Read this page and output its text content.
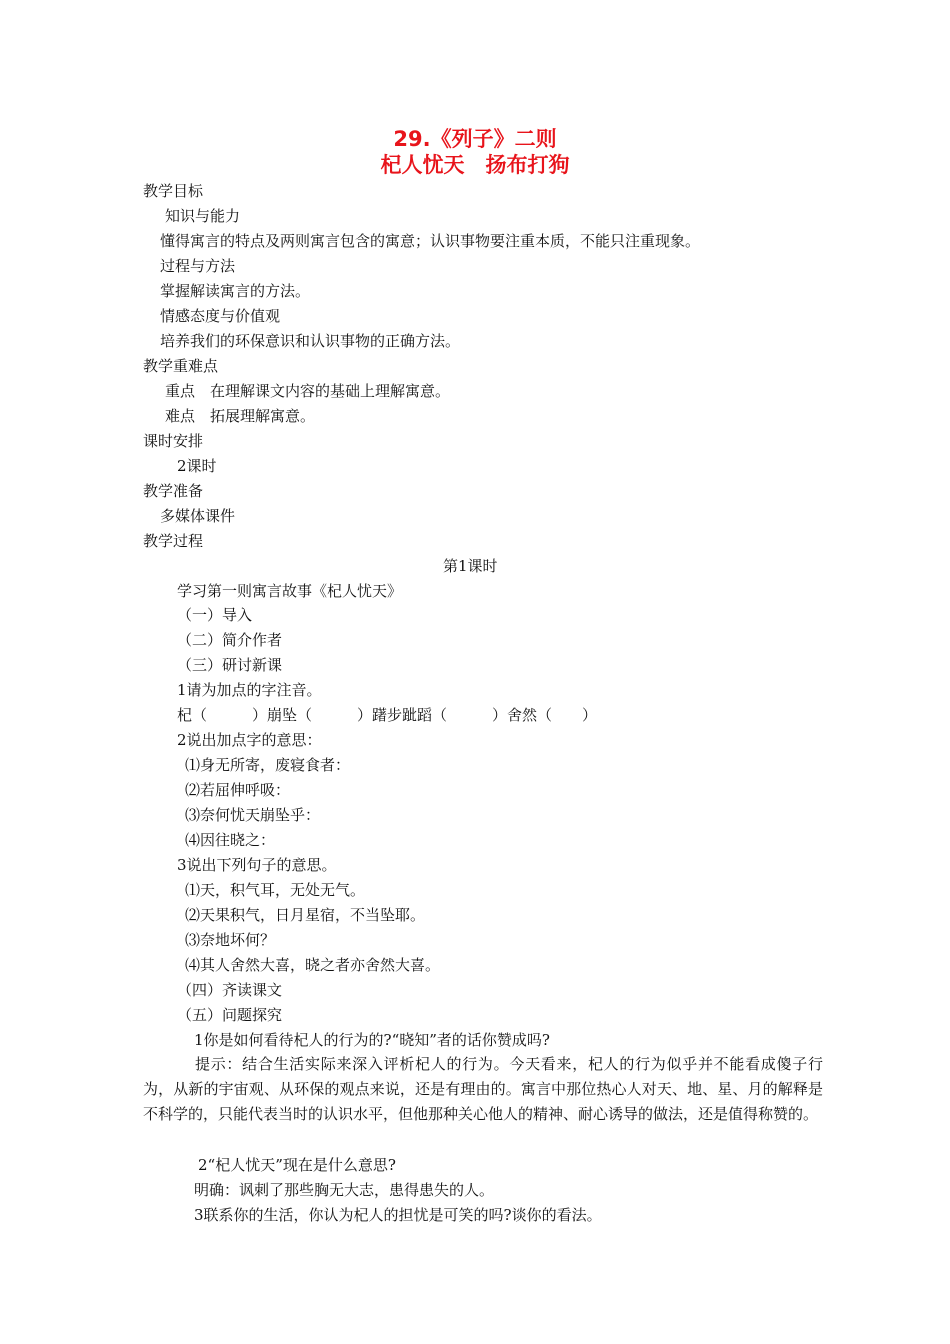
29.《列子》二则
杞人忧天　扬布打狗
教学目标
知识与能力
懂得寓言的特点及两则寓言包含的寓意；认识事物要注重本质，不能只注重现象。
过程与方法
掌握解读寓言的方法。
情感态度与价值观
培养我们的环保意识和认识事物的正确方法。
教学重难点
重点　在理解课文内容的基础上理解寓意。
难点　拓展理解寓意。
课时安排
2课时
教学准备
多媒体课件
教学过程
第1课时
学习第一则寓言故事《杞人忧天》
（一）导入
（二）简介作者
（三）研讨新课
1请为加点的字注音。
杞（　　　）崩坠（　　　）躇步跐蹈（　　　）舍然（　　）
2说出加点字的意思：
⑴身无所寄，废寝食者：
⑵若屈伸呼吸：
⑶奈何忧天崩坠乎：
⑷因往晓之：
3说出下列句子的意思。
⑴天，积气耳，无处无气。
⑵天果积气，日月星宿，不当坠耶。
⑶奈地坏何？
⑷其人舍然大喜，晓之者亦舍然大喜。
（四）齐读课文
（五）问题探究
1你是如何看待杞人的行为的?“晓知”者的话你赞成吗?
提示：结合生活实际来深入评析杞人的行为。今天看来，杞人的行为似乎并不能看成傻子行为，从新的宇宙观、从环保的观点来说，还是有理由的。寓言中那位热心人对天、地、星、月的解释是不科学的，只能代表当时的认识水平，但他那种关心他人的精神、耐心诱导的做法，还是值得称赞的。
2“杞人忧天”现在是什么意思?
明确：讽刺了那些胸无大志，患得患失的人。
3联系你的生活，你认为杞人的担忧是可笑的吗?谈你的看法。
